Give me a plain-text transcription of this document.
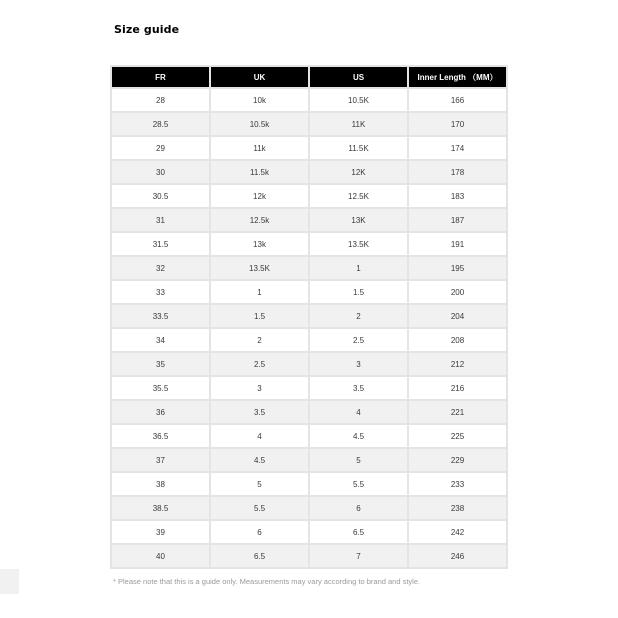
Size guide
FR	UK	US	Inner Length （MM）
28	10k	10.5K	166
28.5	10.5k	11K	170
29	11k	11.5K	174
30	11.5k	12K	178
30.5	12k	12.5K	183
31	12.5k	13K	187
31.5	13k	13.5K	191
32	13.5K	1	195
33	1	1.5	200
33.5	1.5	2	204
34	2	2.5	208
35	2.5	3	212
35.5	3	3.5	216
36	3.5	4	221
36.5	4	4.5	225
37	4.5	5	229
38	5	5.5	233
38.5	5.5	6	238
39	6	6.5	242
40	6.5	7	246
* Please note that this is a guide only. Measurements may vary according to brand and style.
